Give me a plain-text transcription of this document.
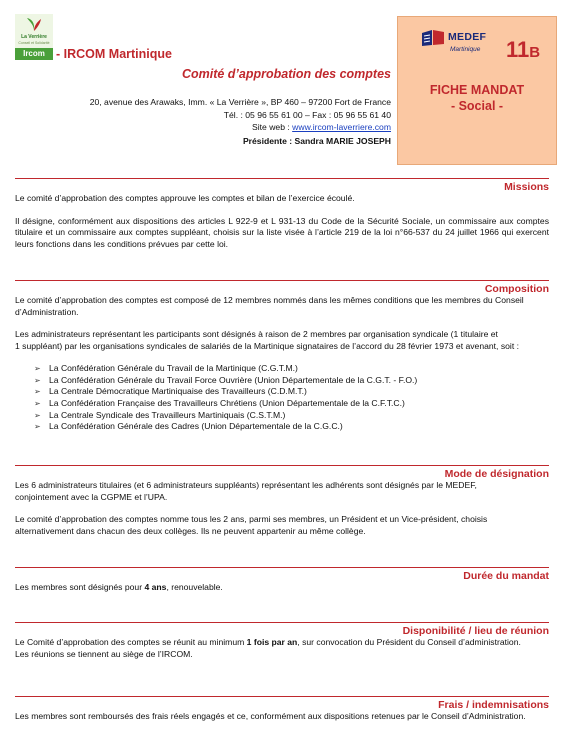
La Verrière
Conseil et Solidarité
Ircom - IRCOM Martinique
Comité d’approbation des comptes
20, avenue des Arawaks, Imm. « La Verrière », BP 460 – 97200 Fort de France
Tél. : 05 96 55 61 00 – Fax : 05 96 55 61 40
Site web : www.ircom-laverriere.com
Présidente : Sandra MARIE JOSEPH
MEDEF
Martinique 11B
FICHE MANDAT
- Social -
Missions

Le comité d’approbation des comptes approuve les comptes et bilan de l’exercice écoulé.

Il désigne, conformément aux dispositions des articles L 922-9 et L 931-13 du Code de la Sécurité Sociale, un commissaire aux comptes titulaire et un commissaire aux comptes suppléant, choisis sur la liste visée à l’article 219 de la loi n°66-537 du 24 juillet 1966 qui exercent leurs fonctions dans les conditions prévues par cette loi.

Composition

Le comité d’approbation des comptes est composé de 12 membres nommés dans les mêmes conditions que les membres du Conseil d’Administration.

Les administrateurs représentant les participants sont désignés à raison de 2 membres par organisation syndicale (1 titulaire et

1 suppléant) par les organisations syndicales de salariés de la Martinique signataires de l’accord du 28 février 1973 et avenant, soit :

➢ La Confédération Générale du Travail de la Martinique (C.G.T.M.)
➢ La Confédération Générale du Travail Force Ouvrière (Union Départementale de la C.G.T. - F.O.)
➢ La Centrale Démocratique Martiniquaise des Travailleurs (C.D.M.T.)
➢ La Confédération Française des Travailleurs Chrétiens (Union Départementale de la C.F.T.C.)
➢ La Centrale Syndicale des Travailleurs Martiniquais (C.S.T.M.)
➢ La Confédération Générale des Cadres (Union Départementale de la C.G.C.)
Mode de désignation

Les 6 administrateurs titulaires (et 6 administrateurs suppléants) représentant les adhérents sont désignés par le MEDEF,

conjointement avec la CGPME et l’UPA.

Le comité d’approbation des comptes nomme tous les 2 ans, parmi ses membres, un Président et un Vice-président, choisis

alternativement dans chacun des deux collèges. Ils ne peuvent appartenir au même collège.

Durée du mandat

Les membres sont désignés pour 4 ans, renouvelable.

Disponibilité / lieu de réunion

Le Comité d’approbation des comptes se réunit au minimum 1 fois par an, sur convocation du Président du Conseil d’administration.

Les réunions se tiennent au siège de l’IRCOM.

Frais / indemnisations

Les membres sont remboursés des frais réels engagés et ce, conformément aux dispositions retenues par le Conseil d’Administration.
